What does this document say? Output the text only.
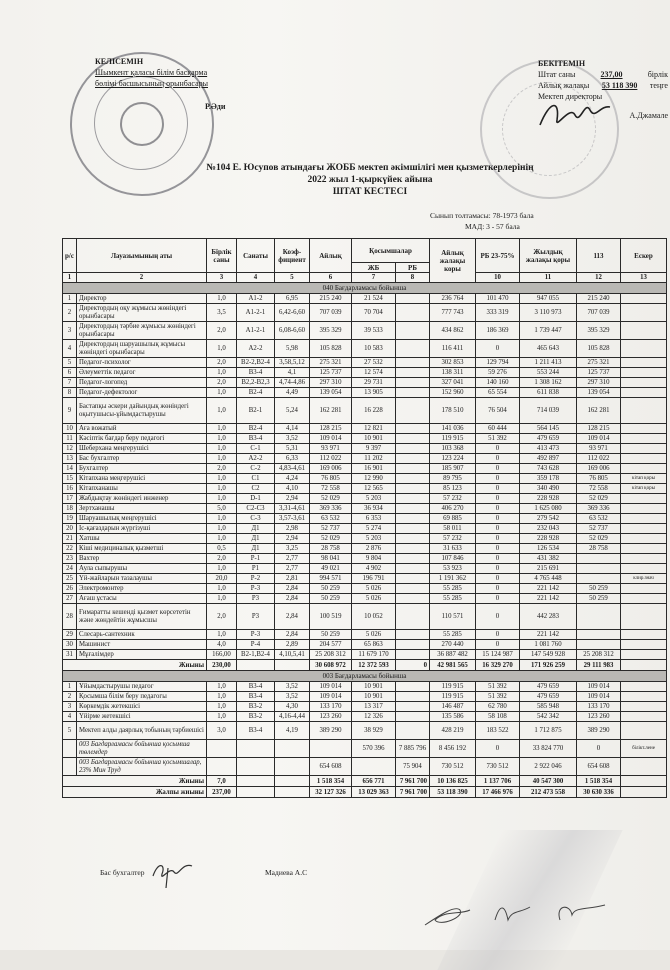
КЕЛІСЕМІН
Шымкент қаласы білім басқарма
бөлімі басшысының орынбасары
Р.Әди
БЕКІТЕМІН
Штат саны	237,00	бірлік
Айлық жалақы 53 118 390 теңге
Мектеп директоры
А.Джамале
№104 Е. Юсупов атындағы ЖОББ мектеп әкімшілігі мен қызметкерлерінің
2022 жыл 1-қыркүйек айына
ШТАТ КЕСТЕСІ
Сынып толтамасы: 78-1973 бала
МАД: 3 - 57 бала
р/с	Лауазымының аты	Бірлік саны	Санаты	Коэф-фициент	Айлық	Қосымшалар		Айлық жалақы коры	РБ 23-75%	Жылдық жалақы қоры	113	Ескер
						ЖБ	РБ					
1	2	3	4	5	6	7	8		10	11	12	13
040 Бағдарламасы бойынша												
1	Директор	1,0	А1-2	6,95	215 240	21 524		236 764	101 470	947 055	215 240	
2	Директордың оқу жұмысы жөніндегі орынбасары	3,5	А1-2-1	6,42-6,60	707 039	70 704		777 743	333 319	3 110 973	707 039	
3	Директордың тәрбие жұмысы жөніндегі орынбасары	2,0	А1-2-1	6,08-6,60	395 329	39 533		434 862	186 369	1 739 447	395 329	
4	Директордың шаруашылық жұмысы жөніндегі орынбасары	1,0	А2-2	5,98	105 828	10 583		116 411	0	465 643	105 828	
5	Педагог-психолог	2,0	В2-2,В2-4	3,58,5,12	275 321	27 532		302 853	129 794	1 211 413	275 321	
6	Әлеуметтік педагог	1,0	В3-4	4,1	125 737	12 574		138 311	59 276	553 244	125 737	
7	Педагог-логопед	2,0	В2,2-В2,3	4,74-4,86	297 310	29 731		327 041	140 160	1 308 162	297 310	
8	Педагог-дефектолог	1,0	В2-4	4,49	139 054	13 905		152 960	65 554	611 838	139 054	
9	Бастапқы әскери дайындық жөніндегі оқытушысы-ұйымдастырушы	1,0	В2-1	5,24	162 281	16 228		178 510	76 504	714 039	162 281	
10	Аға вожатый	1,0	В2-4	4,14	128 215	12 821		141 036	60 444	564 145	128 215	
11	Кәсіптік бағдар беру педагогі	1,0	В3-4	3,52	109 014	10 901		119 915	51 392	479 659	109 014	
12	Шеберхана меңгерушісі	1,0	С-1	5,31	93 971	9 397		103 368	0	413 473	93 971	
13	Бас бухгалтер	1,0	А2-2	6,33	112 022	11 202		123 224	0	492 897	112 022	
14	Бухгалтер	2,0	С-2	4,83-4,61	169 006	16 901		185 907	0	743 628	169 006	
15	Кітапхана меңгерушісі	1,0	С1	4,24	76 805	12 990		89 795	0	359 178	76 805	кітап қоры
16	Кітапханашы	1,0	С2	4,10	72 558	12 565		85 123	0	340 490	72 558	кітап қоры
17	Жабдықтау жөніндегі инженер	1,0	D-1	2,94	52 029	5 203		57 232	0	228 928	52 029	
18	Зертханашы	5,0	С2-С3	3,31-4,61	369 336	36 934		406 270	0	1 625 080	369 336	
19	Шаруашылық меңгерушісі	1,0	С-3	3,57-3,61	63 532	6 353		69 885	0	279 542	63 532	
20	Іс-қағаздарын жүргізуші	1,0	Д1	2,98	52 737	5 274		58 011	0	232 043	52 737	
21	Хатшы	1,0	Д1	2,94	52 029	5 203		57 232	0	228 928	52 029	
22	Кіші медициналық қызметші	0,5	Д1	3,25	28 758	2 876		31 633	0	126 534	28 758	
23	Вахтер	2,0	Р-1	2,77	98 041	9 804		107 846	0	431 382		
24	Аула сыпырушы	1,0	Р1	2,77	49 021	4 902		53 923	0	215 691		
25	Үй-жайларын тазалаушы	20,0	Р-2	2,81	994 571	196 791		1 191 362	0	4 765 448		клир.знач
26	Электромонтер	1,0	Р-3	2,84	50 259	5 026		55 285	0	221 142	50 259	
27	Ағаш ұстасы	1,0	Р3	2,84	50 259	5 026		55 285	0	221 142	50 259	
28	Ғимаратты кешенді қызмет көрсететін және жөндейтін жұмысшы	2,0	Р3	2,84	100 519	10 052		110 571	0	442 283		
29	Слесарь-сантехник	1,0	Р-3	2,84	50 259	5 026		55 285	0	221 142		
30	Машинист	4,0	Р-4	2,89	204 577	65 863		270 440	0	1 081 760		
31	Мұғалімдер	166,00	В2-1,В2-4	4,10,5,41	25 208 312	11 679 170		36 887 482	15 124 987	147 549 928	25 208 312	
Жиыны		230,00			30 608 972	12 372 593	0	42 981 565	16 329 270	171 926 259	29 111 983	
003 Бағдарламасы бойынша												
1	Ұйымдастырушы педагог	1,0	В3-4	3,52	109 014	10 901		119 915	51 392	479 659	109 014	
2	Қосымша білім беру педагогы	1,0	В3-4	3,52	109 014	10 901		119 915	51 392	479 659	109 014	
3	Көркемдік жетекшісі	1,0	В3-2	4,30	133 170	13 317		146 487	62 780	585 948	133 170	
4	Үйірме жетекшісі	1,0	В3-2	4,16-4,44	123 260	12 326		135 586	58 108	542 342	123 260	
5	Мектеп алды даярлық тобының тәрбиешісі	3,0	В3-4	4,19	389 290	38 929		428 219	183 522	1 712 875	389 290	
	003 Бағдарламасы бойынша қосымша төлемдер					570 396	7 885 796	8 456 192	0	33 824 770	0	білікт.лене
	003 Бағдарламасы бойынша қосымшалар, 23% Мин Труд				654 608		75 904	730 512	730 512	2 922 046	654 608	
Жиыны		7,0			1 518 354	656 771	7 961 700	10 136 825	1 137 706	40 547 300	1 518 354	
Жалпы жиыны		237,00			32 127 326	13 029 363	7 961 700	53 118 390	17 466 976	212 473 558	30 630 336	
Бас бухгалтер	Мадиева А.С
